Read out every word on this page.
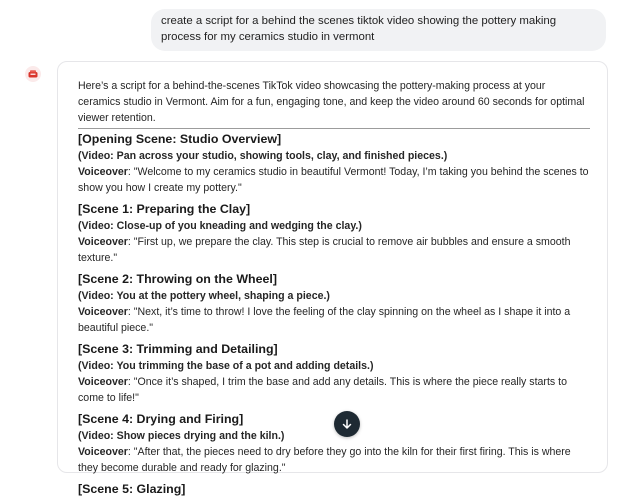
create a script for a behind the scenes tiktok video showing the pottery making process for my ceramics studio in vermont

Here’s a script for a behind-the-scenes TikTok video showcasing the pottery-making process at your ceramics studio in Vermont. Aim for a fun, engaging tone, and keep the video around 60 seconds for optimal viewer retention.

[Opening Scene: Studio Overview]

(Video: Pan across your studio, showing tools, clay, and finished pieces.)

Voiceover: "Welcome to my ceramics studio in beautiful Vermont! Today, I’m taking you behind the scenes to show you how I create my pottery."

[Scene 1: Preparing the Clay]

(Video: Close-up of you kneading and wedging the clay.)

Voiceover: "First up, we prepare the clay. This step is crucial to remove air bubbles and ensure a smooth texture."

[Scene 2: Throwing on the Wheel]

(Video: You at the pottery wheel, shaping a piece.)

Voiceover: "Next, it’s time to throw! I love the feeling of the clay spinning on the wheel as I shape it into a beautiful piece."

[Scene 3: Trimming and Detailing]

(Video: You trimming the base of a pot and adding details.)

Voiceover: "Once it’s shaped, I trim the base and add any details. This is where the piece really starts to come to life!"

[Scene 4: Drying and Firing]

(Video: Show pieces drying and the kiln.)

Voiceover: "After that, the pieces need to dry before they go into the kiln for their first firing. This is where they become durable and ready for glazing."

[Scene 5: Glazing]
